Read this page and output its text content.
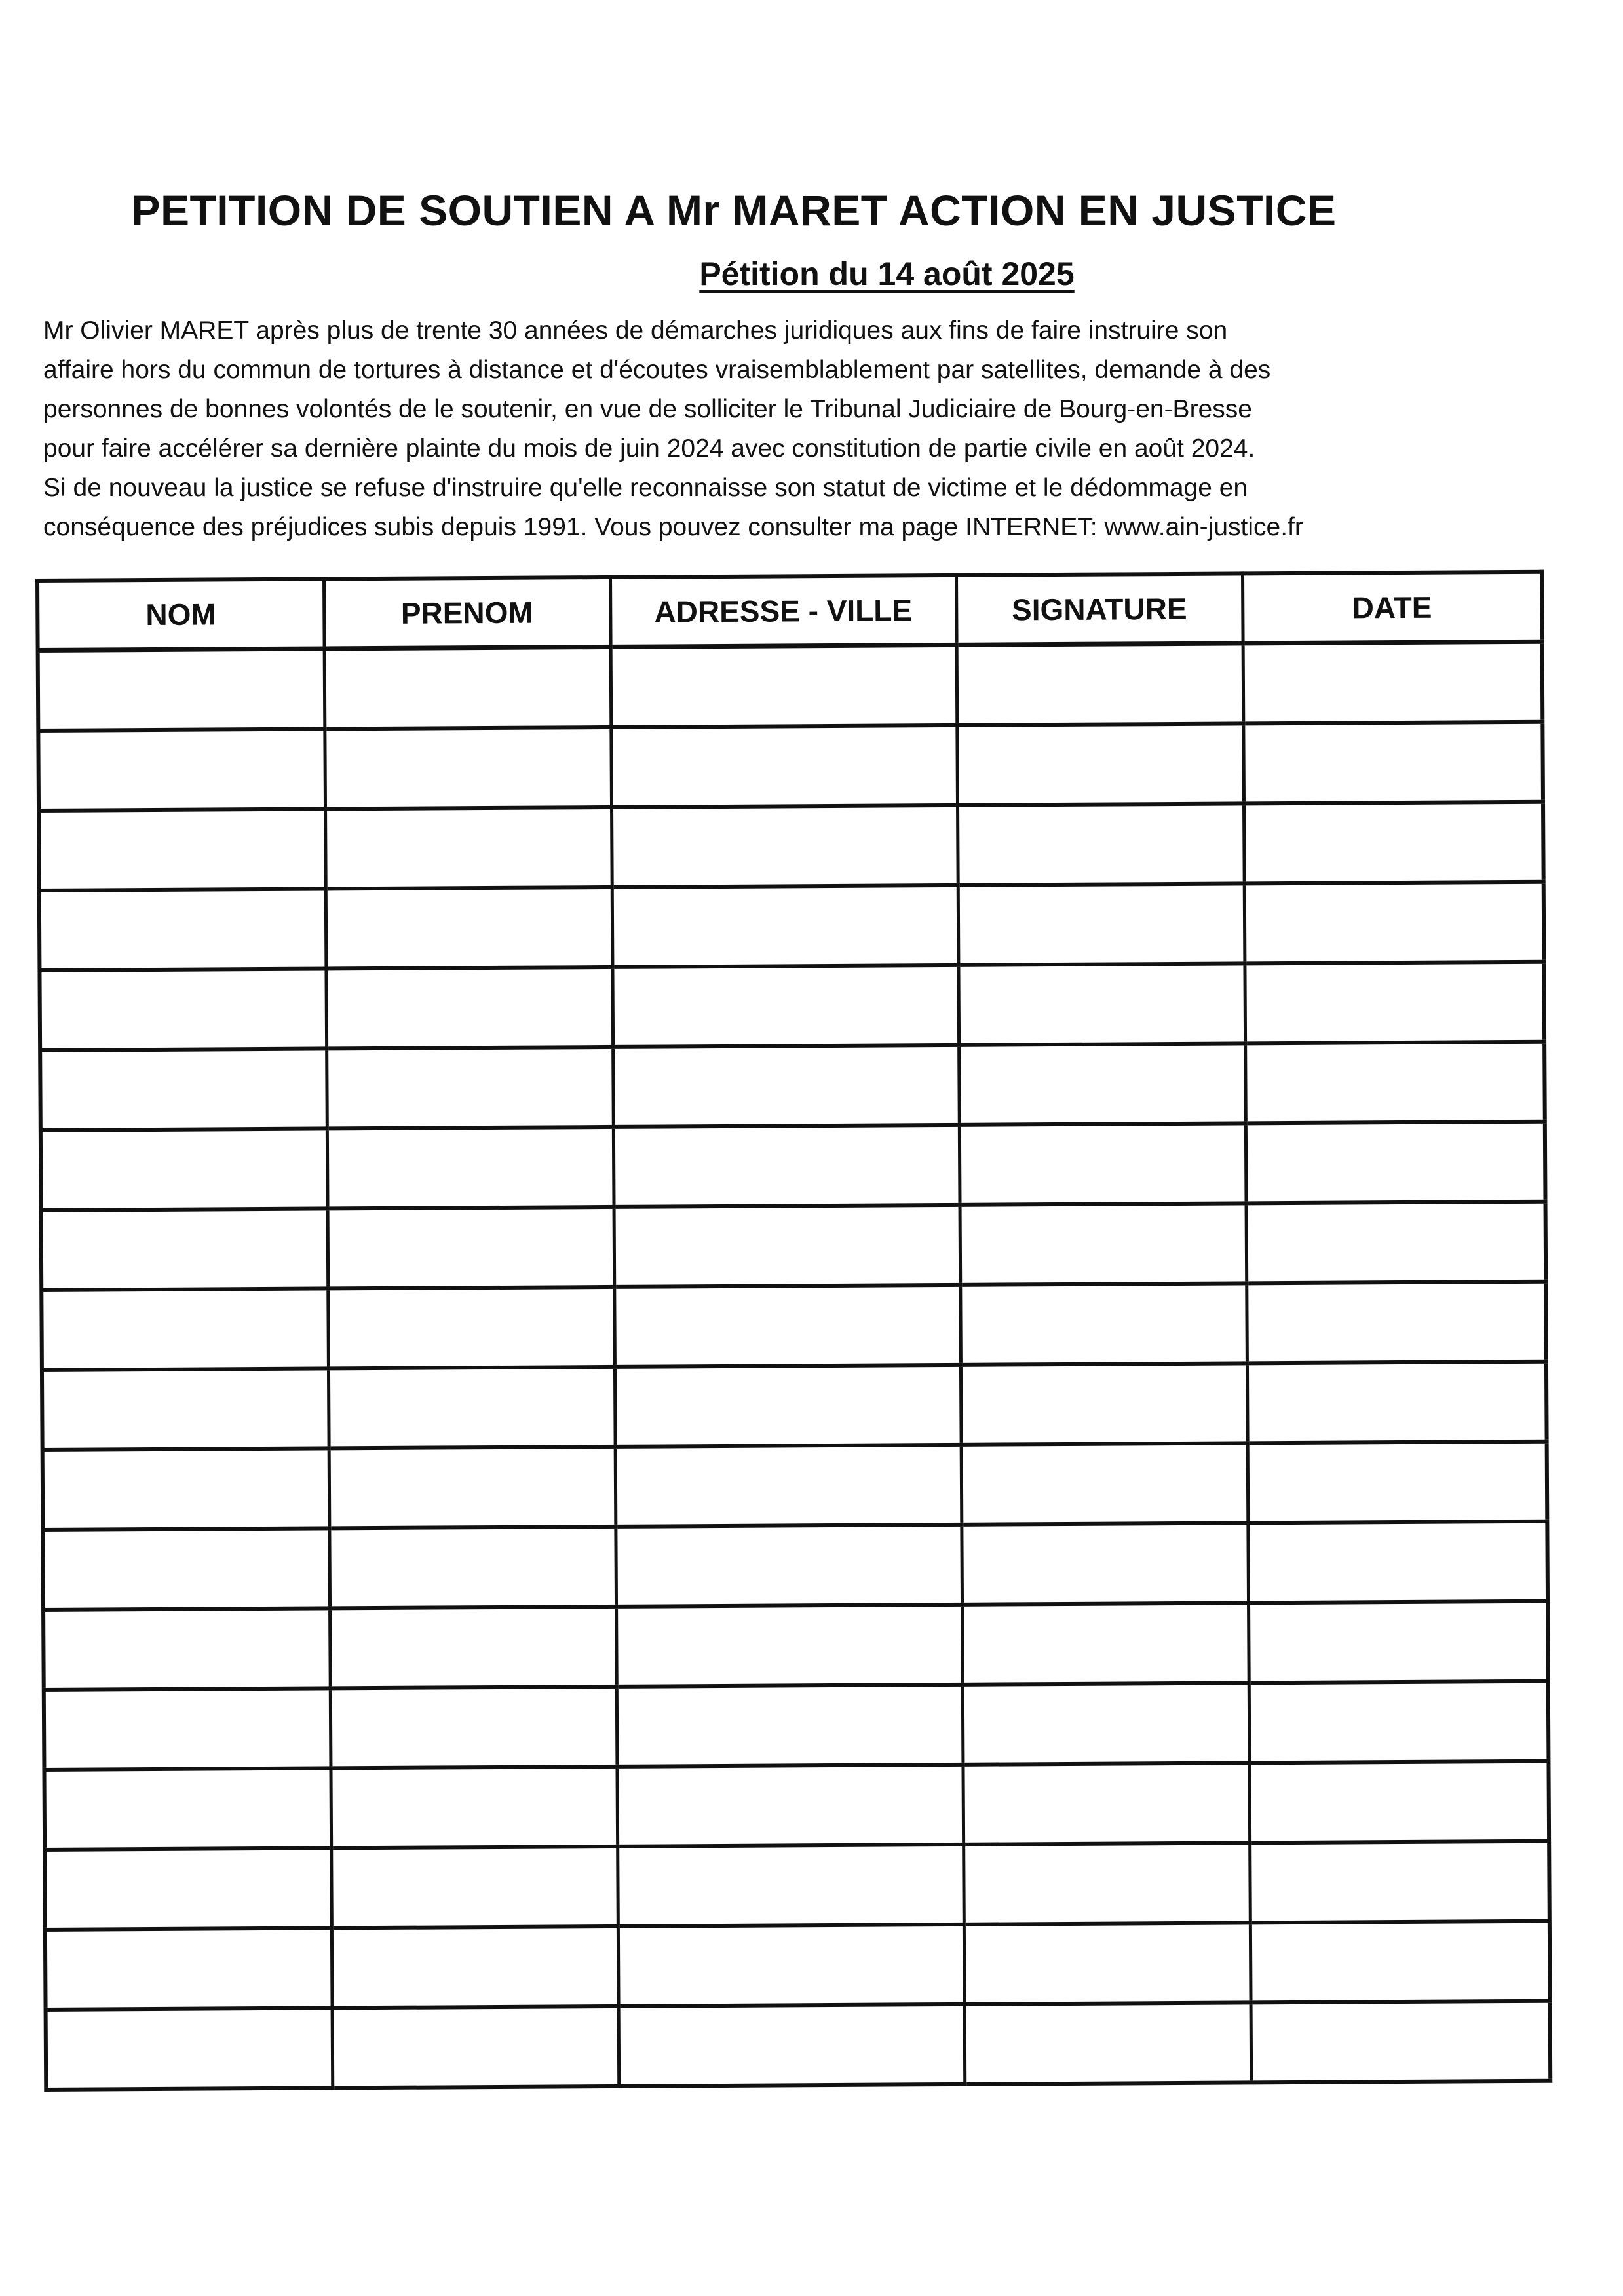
PETITION DE SOUTIEN A Mr MARET ACTION EN JUSTICE
Pétition du 14 août 2025

Mr Olivier MARET après plus de trente 30 années de démarches juridiques aux fins de faire instruire son

affaire hors du commun de tortures à distance et d'écoutes vraisemblablement par satellites, demande à des

personnes de bonnes volontés de le soutenir, en vue de solliciter le Tribunal Judiciaire de Bourg-en-Bresse

pour faire accélérer sa dernière plainte du mois de juin 2024 avec constitution de partie civile en août 2024.

Si de nouveau la justice se refuse d'instruire qu'elle reconnaisse son statut de victime et le dédommage en

conséquence des préjudices subis depuis 1991. Vous pouvez consulter ma page INTERNET: www.ain-justice.fr

NOM	PRENOM	ADRESSE - VILLE	SIGNATURE	DATE
